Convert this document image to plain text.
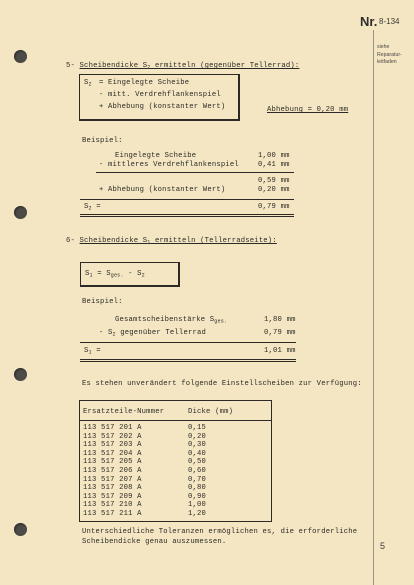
Nr. 8-134
siehe Reparatur-leitfaden
5- Scheibendicke $S_2$ ermitteln (gegenüber Tellerrad):
$S_2$ = Eingelegte Scheibe
- mitt. Verdrehflankenspiel
+ Abhebung (konstanter Wert)	Abhebung = 0,20 mm
Beispiel:
Eingelegte Scheibe	1,00 mm
- mittleres Verdrehflankenspiel	0,41 mm
0,59 mm
+ Abhebung (konstanter Wert)	0,20 mm
$S_2$ =	0,79 mm
6- Scheibendicke $S_1$ ermitteln (Tellerradseite):
$S_1 = S_{ges.} - S_2$
Beispiel:
Gesamtscheibenstärke $S_{ges.}$	1,80 mm
- $S_2$ gegenüber Tellerrad	0,79 mm
$S_1$ =	1,01 mm
Es stehen unverändert folgende Einstellscheiben zur Verfügung:
Ersatzteile-Nummer	Dicke (mm)
113 517 201 A	0,15
113 517 202 A	0,20
113 517 203 A	0,30
113 517 204 A	0,40
113 517 205 A	0,50
113 517 206 A	0,60
113 517 207 A	0,70
113 517 208 A	0,80
113 517 209 A	0,90
113 517 210 A	1,00
113 517 211 A	1,20
Unterschiedliche Toleranzen ermöglichen es, die erforderliche
Scheibendicke genau auszumessen.	5
